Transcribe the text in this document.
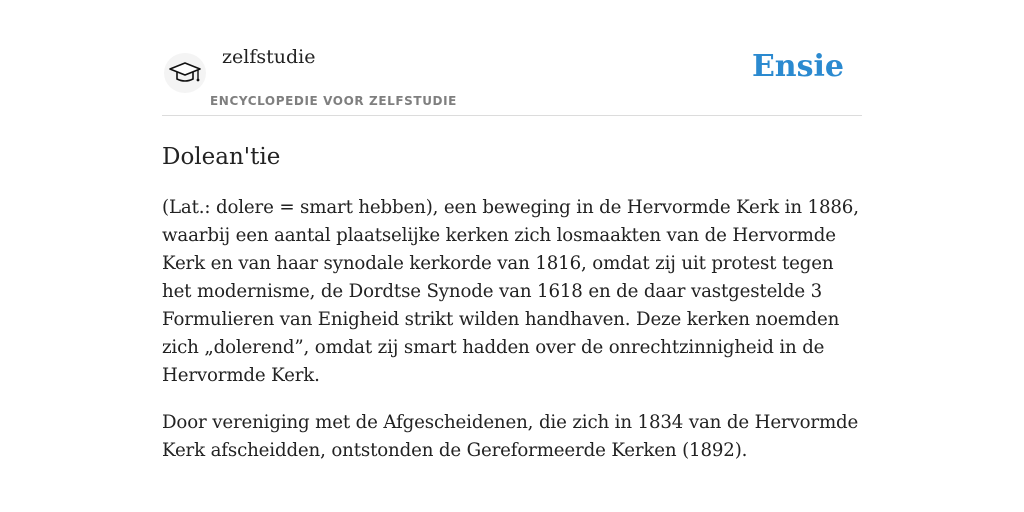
zelfstudie
ENCYCLOPEDIE VOOR ZELFSTUDIE
Ensie
Dolean'tie

(Lat.: dolere = smart hebben), een beweging in de Hervormde Kerk in 1886, waarbij een aantal plaatselijke kerken zich losmaakten van de Hervormde Kerk en van haar synodale kerkorde van 1816, omdat zij uit protest tegen het modernisme, de Dordtse Synode van 1618 en de daar vastgestelde 3 Formulieren van Enigheid strikt wilden handhaven. Deze kerken noemden zich „dolerend”, omdat zij smart hadden over de onrechtzinnigheid in de Hervormde Kerk.

Door vereniging met de Afgescheidenen, die zich in 1834 van de Hervormde Kerk afscheidden, ontstonden de Gereformeerde Kerken (1892).
